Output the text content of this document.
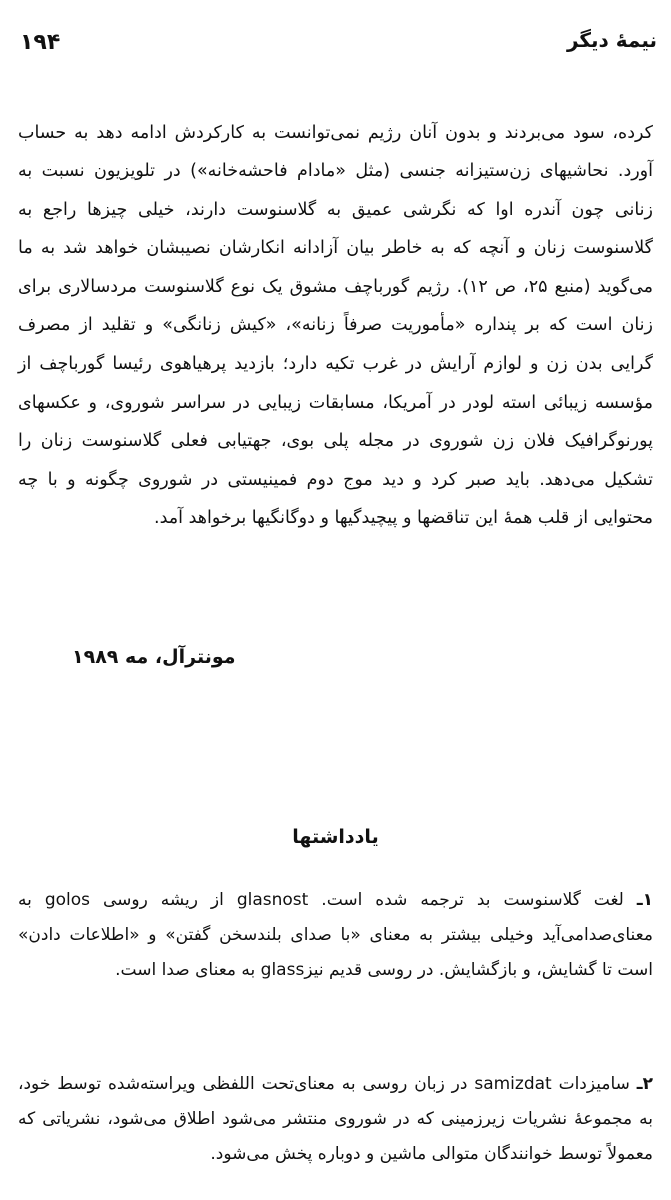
نیمهٔ دیگر
۱۹۴

کرده، سود می‌بردند و بدون آنان رژیم نمی‌توانست به کارکردش ادامه دهد به حساب آورد. نحاشیهای زن‌ستیزانه جنسی (مثل «مادام فاحشه‌خانه») در تلویزیون نسبت به زنانی چون آندره اوا که نگرشی عمیق به گلاسنوست دارند، خیلی چیزها راجع به گلاسنوست زنان و آنچه که به خاطر بیان آزادانه انکارشان نصیبشان خواهد شد به ما می‌گوید (منبع ۲۵، ص ۱۲). رژیم گورباچف مشوق یک نوع گلاسنوست مردسالاری برای زنان است که بر پنداره «مأموریت صرفاً زنانه»، «کیش زنانگی» و تقلید از مصرف گرایی بدن زن و لوازم آرایش در غرب تکیه دارد؛ بازدید پرهیاهوی رئیسا گورباچف از مؤسسه زیبائی استه لودر در آمریکا، مسابقات زیبایی در سراسر شوروی، و عکسهای پورنوگرافیک فلان زن شوروی در مجله پلی بوی، جهتیابی فعلی گلاسنوست زنان را تشکیل می‌دهد. باید صبر کرد و دید موج دوم فمینیستی در شوروی چگونه و با چه محتوایی از قلب همهٔ این تناقضها و پیچیدگیها و دوگانگیها برخواهد آمد.

مونترآل، مه ۱۹۸۹
یادداشتها

۱ـ لغت گلاسنوست بد ترجمه شده است. glasnost از ریشه روسی golos به معنای‌صدامی‌آید وخیلی بیشتر به معنای «با صدای بلندسخن گفتن» و «اطلاعات دادن» است تا گشایش، و بازگشایش. در روسی قدیم نیزglass به معنای صدا است.

۲ـ سامیزدات samizdat در زبان روسی به معنای‌تحت اللفظی ویراسته‌شده توسط خود، به مجموعهٔ نشریات زیرزمینی که در شوروی منتشر می‌شود اطلاق می‌شود، نشریاتی که معمولاً توسط خوانندگان متوالی ماشین و دوباره پخش می‌شود.
